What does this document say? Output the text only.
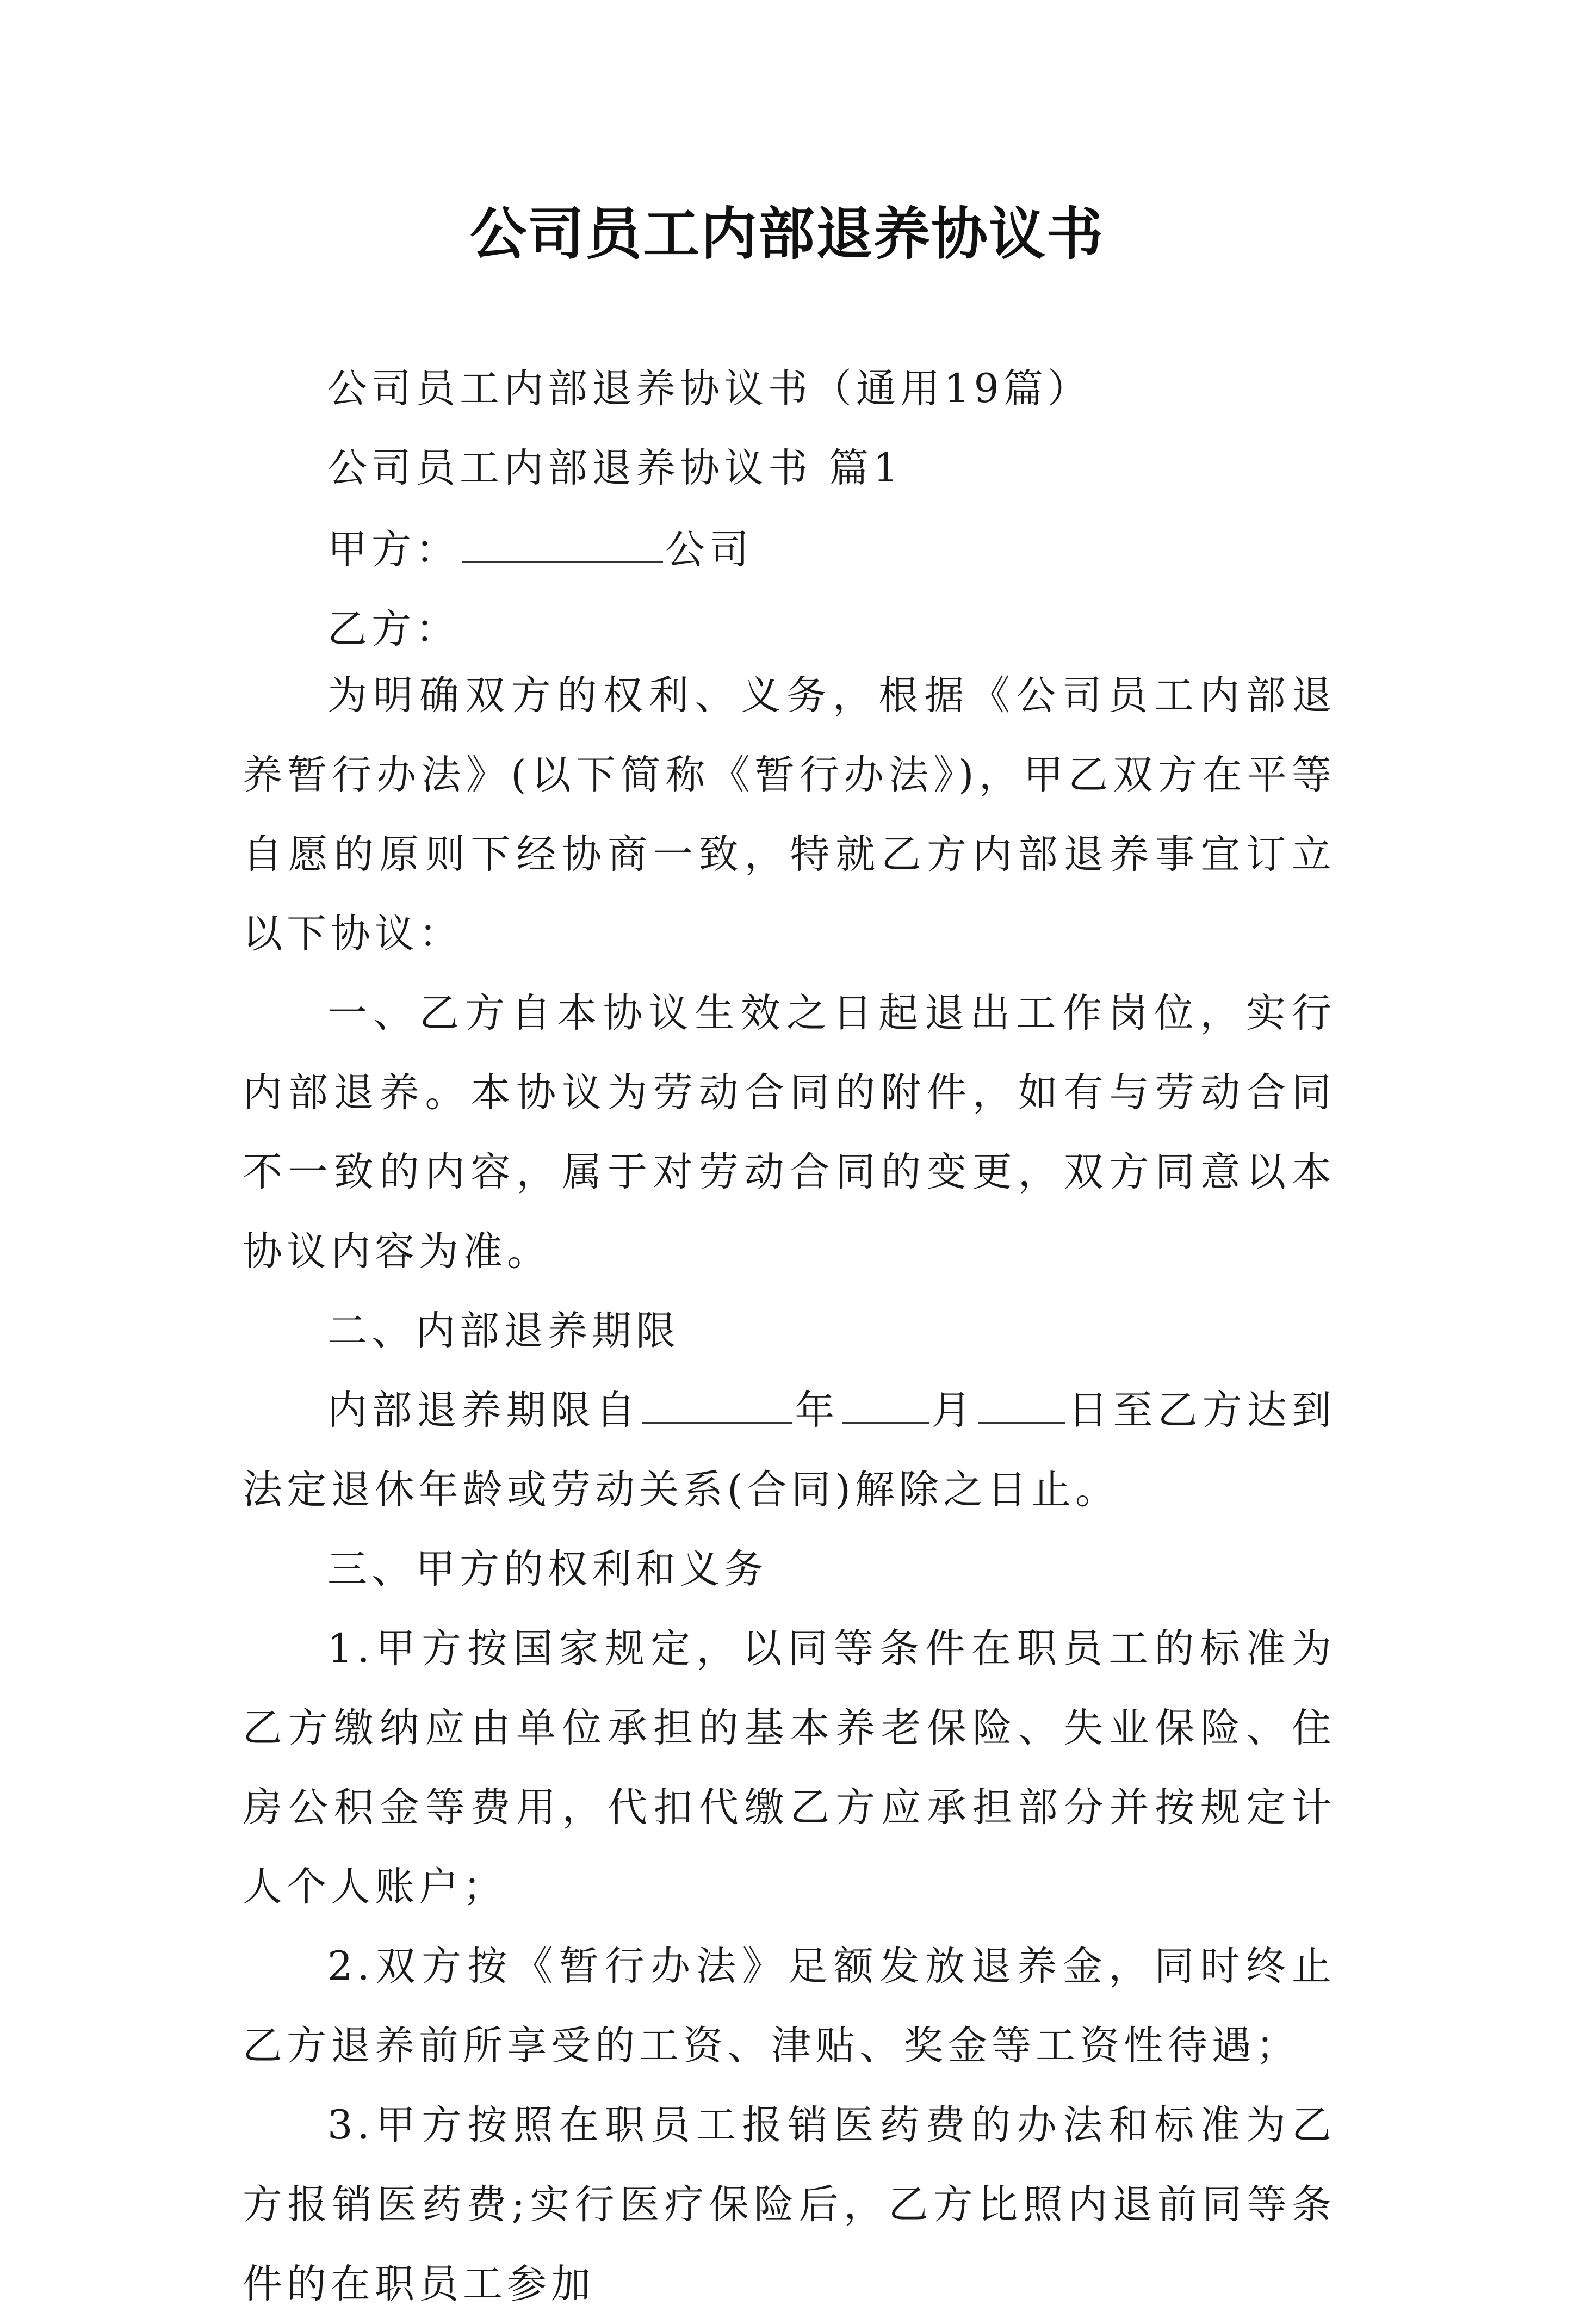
公司员工内部退养协议书

公司员工内部退养协议书（通用19篇）

公司员工内部退养协议书 篇1

甲方：	公司

乙方：

为明确双方的权利、义务，根据《公司员工内部退养暂行办法》(以下简称《暂行办法》)，甲乙双方在平等自愿的原则下经协商一致，特就乙方内部退养事宜订立以下协议：

一、乙方自本协议生效之日起退出工作岗位，实行内部退养。本协议为劳动合同的附件，如有与劳动合同不一致的内容，属于对劳动合同的变更，双方同意以本协议内容为准。

二、内部退养期限

内部退养期限自	年 月 日至乙方达到法定退休年龄或劳动关系(合同)解除之日止。

三、甲方的权利和义务

1.甲方按国家规定，以同等条件在职员工的标准为乙方缴纳应由单位承担的基本养老保险、失业保险、住房公积金等费用，代扣代缴乙方应承担部分并按规定计人个人账户；

2.双方按《暂行办法》足额发放退养金，同时终止乙方退养前所享受的工资、津贴、奖金等工资性待遇；

3.甲方按照在职员工报销医药费的办法和标准为乙方报销医药费;实行医疗保险后，乙方比照内退前同等条件的在职员工参加
